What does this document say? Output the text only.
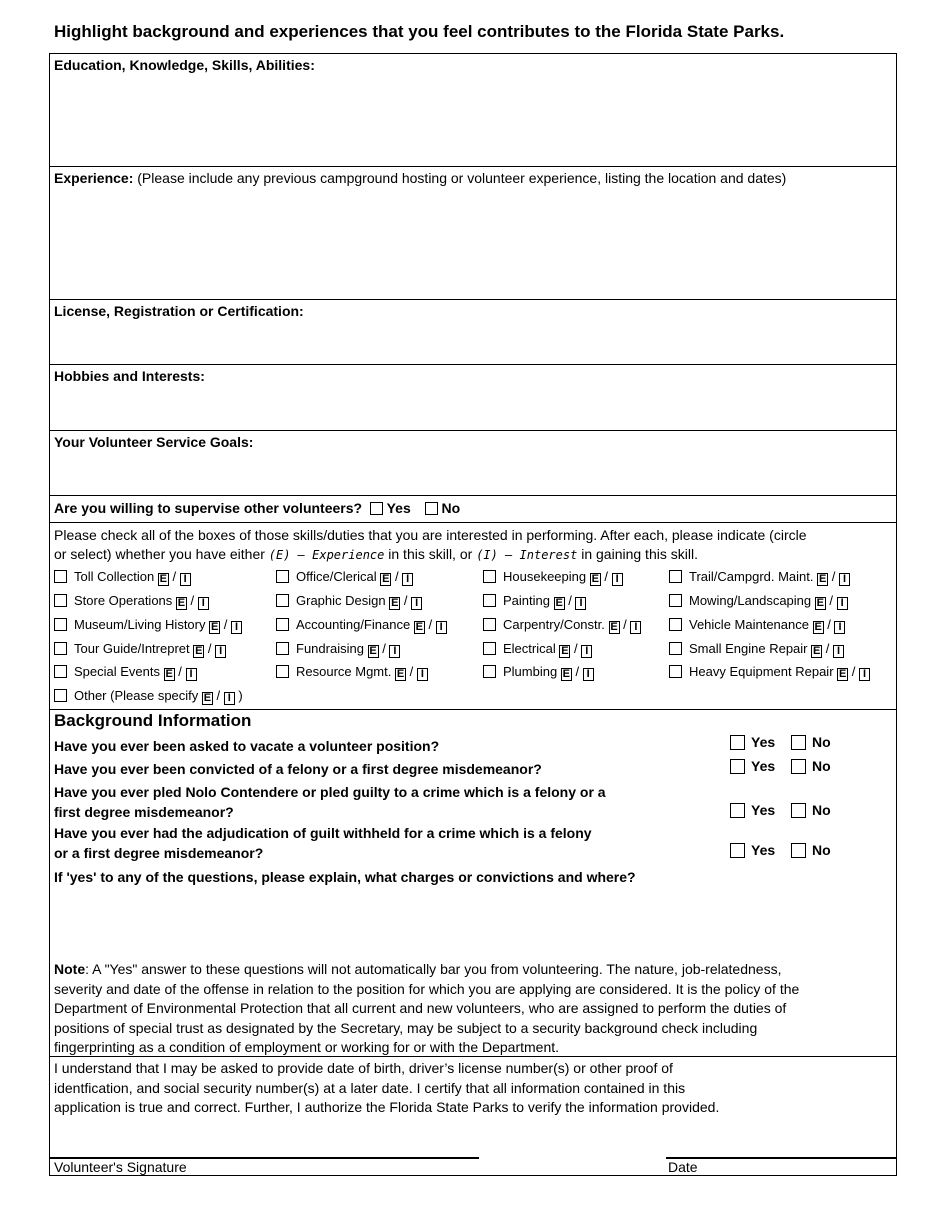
Highlight background and experiences that you feel contributes to the Florida State Parks.
Education, Knowledge, Skills, Abilities:
Experience: (Please include any previous campground hosting or volunteer experience, listing the location and dates)
License, Registration or Certification:
Hobbies and Interests:
Your Volunteer Service Goals:
Are you willing to supervise other volunteers? Yes No
Please check all of the boxes of those skills/duties that you are interested in performing. After each, please indicate (circle
or select) whether you have either (E) – Experience in this skill, or (I) – Interest in gaining this skill.
Toll Collection E / I	Office/Clerical E / I	Housekeeping E / I	Trail/Campgrd. Maint. E / I
Store Operations E / I	Graphic Design E / I	Painting E / I	Mowing/Landscaping E / I
Museum/Living History E / I	Accounting/Finance E / I	Carpentry/Constr. E / I	Vehicle Maintenance E / I
Tour Guide/Intrepret E / I	Fundraising E / I	Electrical E / I	Small Engine Repair E / I
Special Events E / I	Resource Mgmt. E / I	Plumbing E / I	Heavy Equipment Repair E / I
Other (Please specify E / I )
Background Information
Have you ever been asked to vacate a volunteer position?	Yes	No
Have you ever been convicted of a felony or a first degree misdemeanor?	Yes	No
Have you ever pled Nolo Contendere or pled guilty to a crime which is a felony or a
first degree misdemeanor?	Yes	No
Have you ever had the adjudication of guilt withheld for a crime which is a felony
or a first degree misdemeanor?	Yes	No
If 'yes' to any of the questions, please explain, what charges or convictions and where?
Note: A "Yes" answer to these questions will not automatically bar you from volunteering. The nature, job-relatedness,
severity and date of the offense in relation to the position for which you are applying are considered. It is the policy of the
Department of Environmental Protection that all current and new volunteers, who are assigned to perform the duties of
positions of special trust as designated by the Secretary, may be subject to a security background check including
fingerprinting as a condition of employment or working for or with the Department.
I understand that I may be asked to provide date of birth, driver’s license number(s) or other proof of
identfication, and social security number(s) at a later date. I certify that all information contained in this
application is true and correct. Further, I authorize the Florida State Parks to verify the information provided.
Volunteer's Signature	Date
